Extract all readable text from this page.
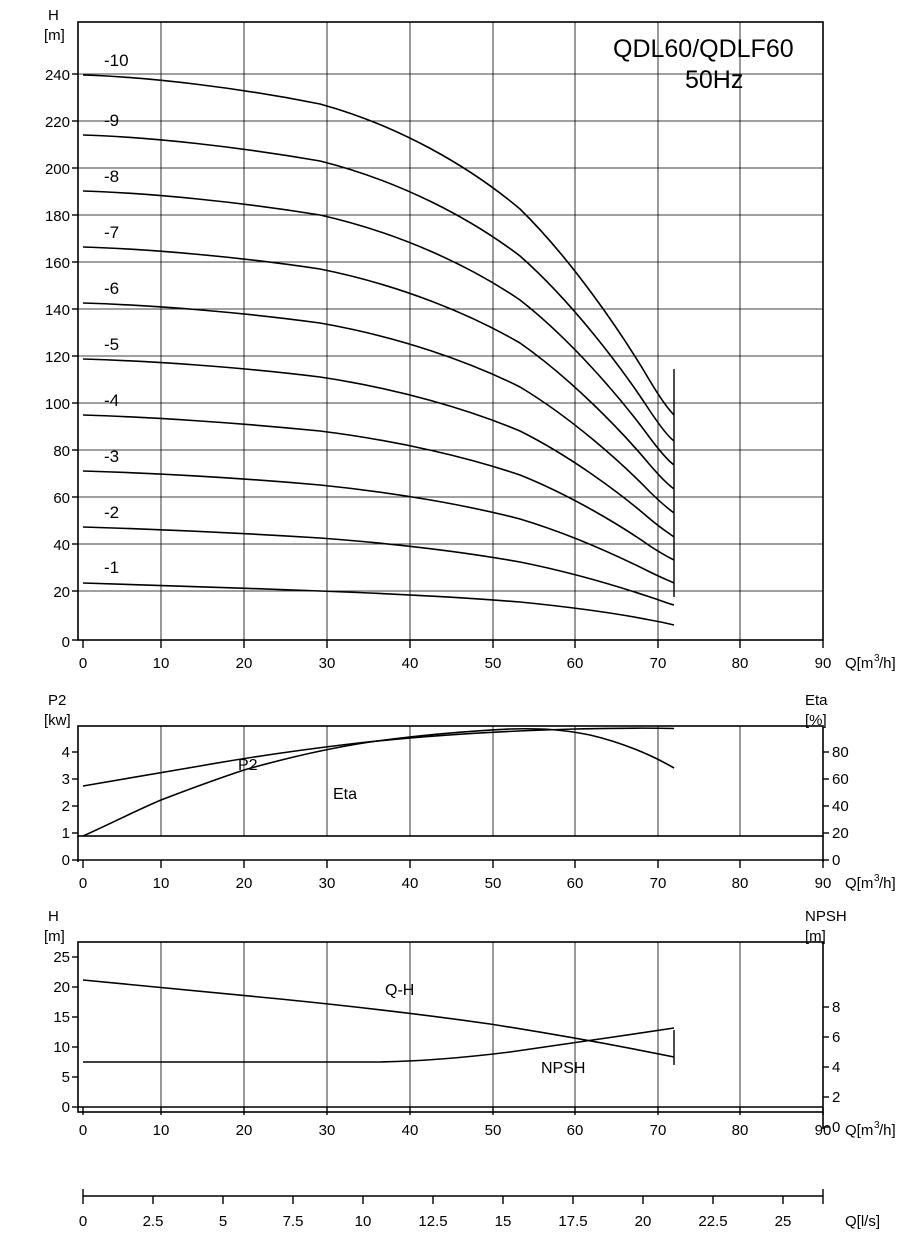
-1
-2
-3
-4
-5
-6
-7
-8
-9
-10	QDL60/QDLF60
50Hz
0
20
40
60
80
100
120
140
160
180
200
220
240
H
[m]
0	10	20	30	40	50	60	70	80	90 Q[m 3 /h]
P2
Eta
P2
[kw]
4
3
2
1
0
Eta
[%]
80
60
40
20
0
0	10	20	30	40	50	60	70	80	90 Q[m 3 /h]
Q-H
NPSH
H
[m]
25
20
15
10
5
0
NPSH
[m]
8
6
4
2
0
0	10	20	30	40	50	60	70	80	90 Q[m 3 /h]
0	2.5	5	7.5	10	12.5	15	17.5	20	22.5	25	Q[l/s]
